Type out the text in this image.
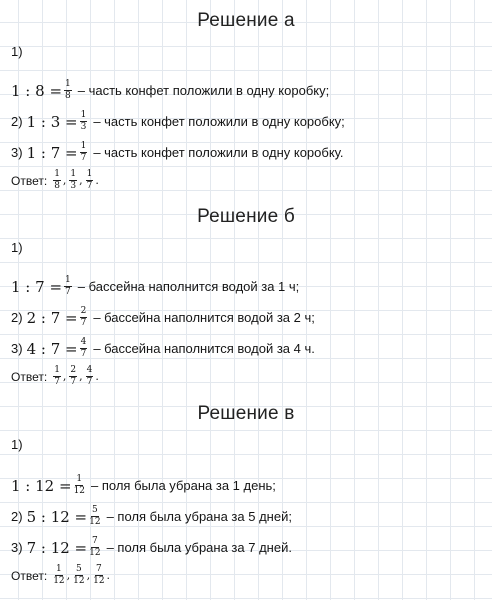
Решение а
1)
1 : $8 = \frac{1}{8}$ – часть конфет положили в одну коробку;
2) 1 : $3 = \frac{1}{3}$ – часть конфет положили в одну коробку;
3) 1 : $7 = \frac{1}{7}$ – часть конфет положили в одну коробку.
Ответ: $\frac{1}{8}$ , $\frac{1}{3}$ , $\frac{1}{7}$ .
Решение б
1)
1 : $7 = \frac{1}{7}$ – бассейна наполнится водой за 1 ч;
2) 2 : $7 = \frac{2}{7}$ – бассейна наполнится водой за 2 ч;
3) 4 : $7 = \frac{4}{7}$ – бассейна наполнится водой за 4 ч.
Ответ: $\frac{1}{7}$ , $\frac{2}{7}$ , $\frac{4}{7}$ .
Решение в
1)
1 : $12 = \frac{1}{12}$ – поля была убрана за 1 день;
2) 5 : $12 = \frac{5}{12}$ – поля была убрана за 5 дней;
3) 7 : $12 = \frac{7}{12}$ – поля была убрана за 7 дней.
Ответ: $\frac{1}{12}$ , $\frac{5}{12}$ , $\frac{7}{12}$ .
